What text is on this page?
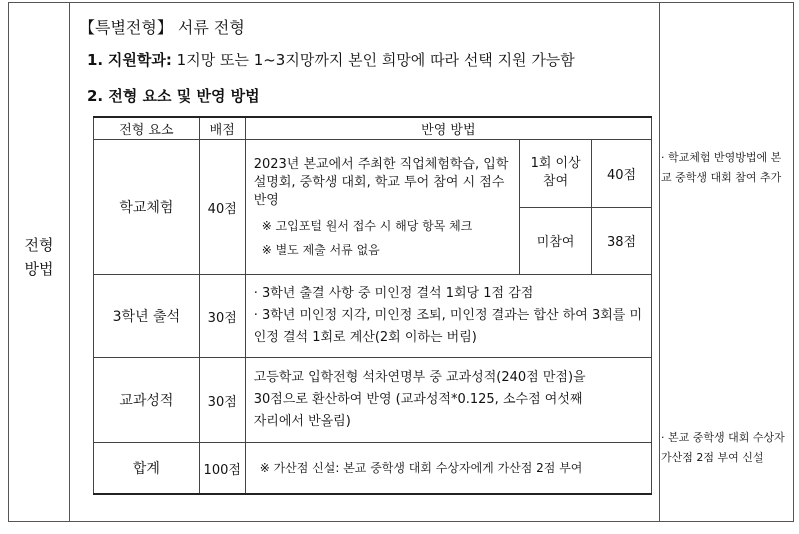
전형
방법
【특별전형】 서류 전형
1. 지원학과: 1지망 또는 1~3지망까지 본인 희망에 따라 선택 지원 가능함
2. 전형 요소 및 반영 방법
전형 요소	배점	반영 방법		
학교체험	40점	2023년 본교에서 주최한 직업체험학습, 입학 설명회, 중학생 대회, 학교 투어 참여 시 점수 반영
※ 고입포털 원서 접수 시 해당 항목 체크
※ 별도 제출 서류 없음	1회 이상 참여	40점
			미참여	38점
3학년 출석	30점	· 3학년 출결 사항 중 미인정 결석 1회당 1점 감점
· 3학년 미인정 지각, 미인정 조퇴, 미인정 결과는 합산 하여 3회를 미인정 결석 1회로 계산(2회 이하는 버림)		

교과성적	30점	고등학교 입학전형 석차연명부 중 교과성적(240점 만점)을 30점으로 환산하여 반영 (교과성적*0.125, 소수점 여섯째 자리에서 반올림)		

합계	100점	※ 가산점 신설: 본교 중학생 대회 수상자에게 가산점 2점 부여		
· 학교체험 반영방법에 본교 중학생 대회 참여 추가
· 본교 중학생 대회 수상자 가산점 2점 부여 신설
